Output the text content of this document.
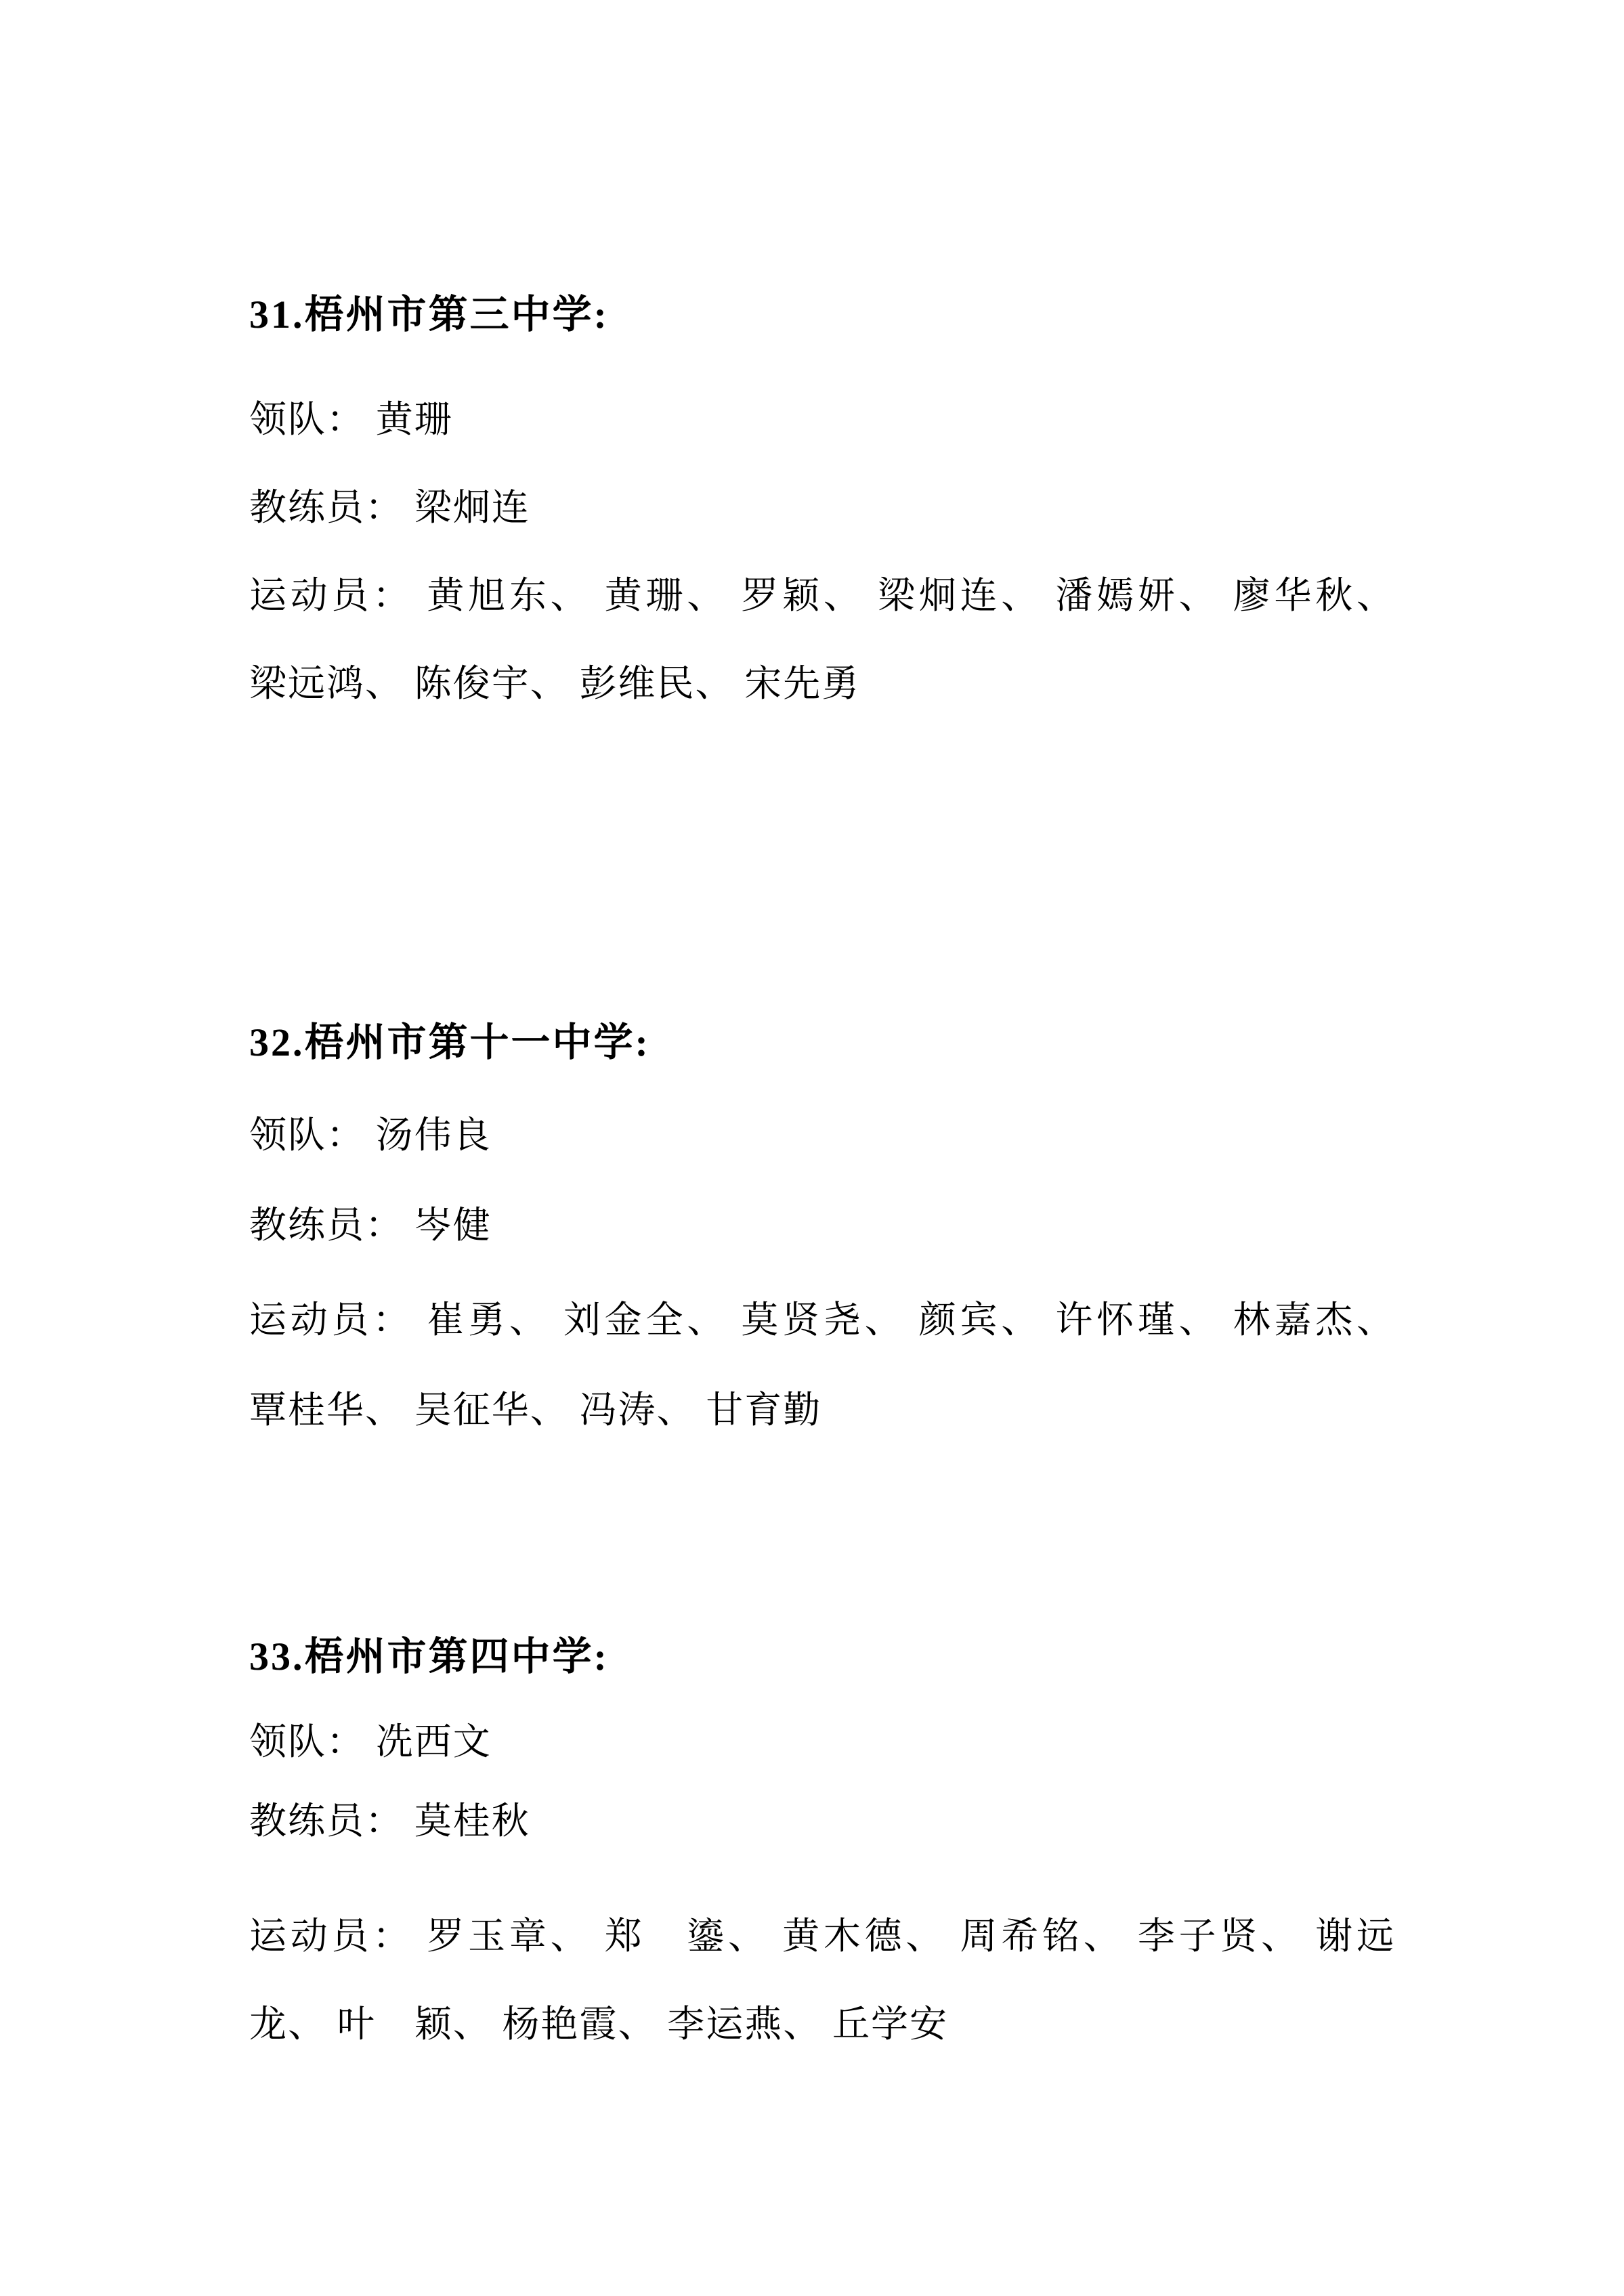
31.梧州市第三中学:
领队： 黄珊
教练员： 梁炯连
运动员： 黄旭东、 黄珊、 罗颖、 梁炯连、 潘嫣妍、 廖华秋、
梁远鸿、 陈俊宇、 彭维民、 宋先勇
32.梧州市第十一中学:
领队： 汤伟良
教练员： 岑健
运动员： 崔勇、 刘金全、 莫贤尧、 颜宾、 许怀瑾、 林嘉杰、
覃桂华、 吴征华、 冯涛、 甘育勤
33.梧州市第四中学:
领队： 冼西文
教练员： 莫桂秋
运动员： 罗玉章、 郑　鎏、 黄木德、 周希铭、 李子贤、 谢远
龙、 叶　颖、 杨艳霞、 李运燕、 丘学安
